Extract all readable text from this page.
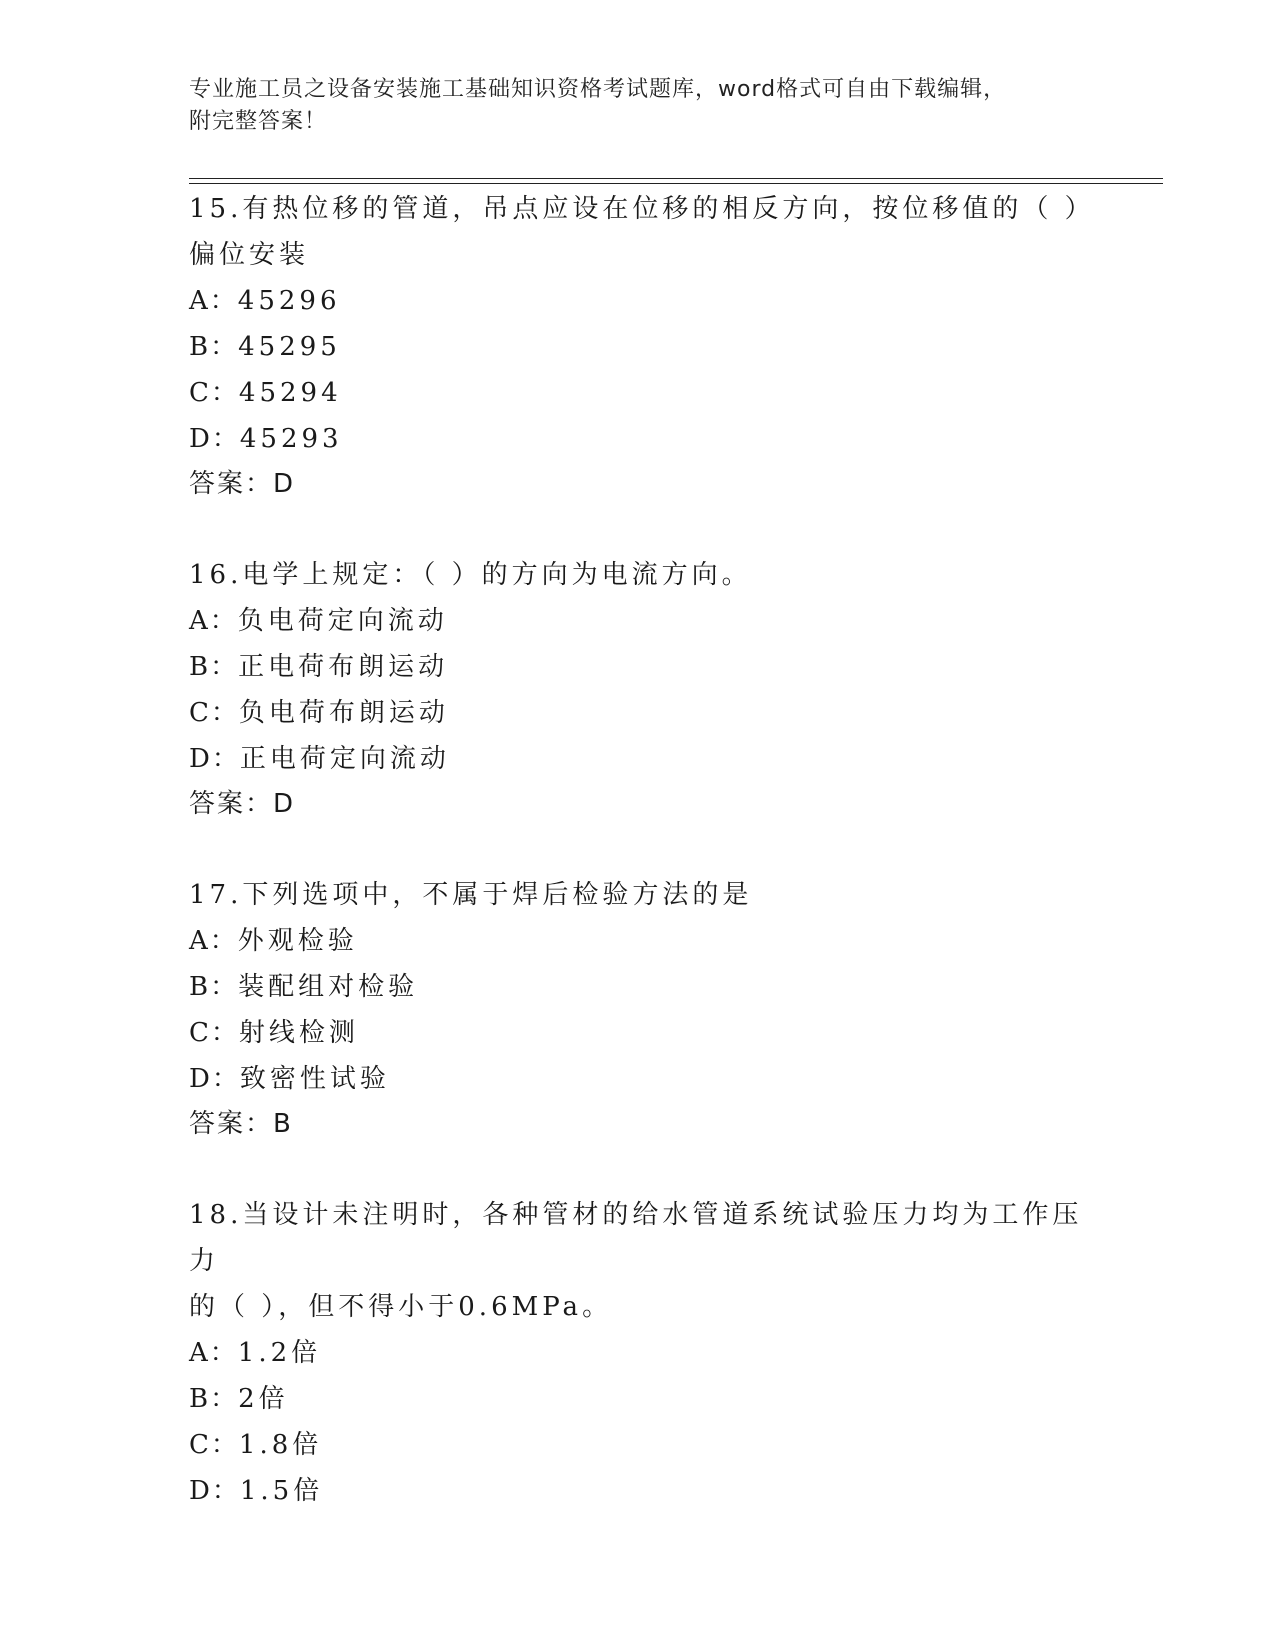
专业施工员之设备安装施工基础知识资格考试题库，word格式可自由下载编辑，
附完整答案！
15.有热位移的管道，吊点应设在位移的相反方向，按位移值的（ ）
偏位安装
A：45296
B：45295
C：45294
D：45293
答案：D
16.电学上规定：（ ）的方向为电流方向。
A：负电荷定向流动
B：正电荷布朗运动
C：负电荷布朗运动
D：正电荷定向流动
答案：D
17.下列选项中，不属于焊后检验方法的是
A：外观检验
B：装配组对检验
C：射线检测
D：致密性试验
答案：B
18.当设计未注明时，各种管材的给水管道系统试验压力均为工作压力
的（ ），但不得小于0.6MPa。
A：1.2倍
B：2倍
C：1.8倍
D：1.5倍
